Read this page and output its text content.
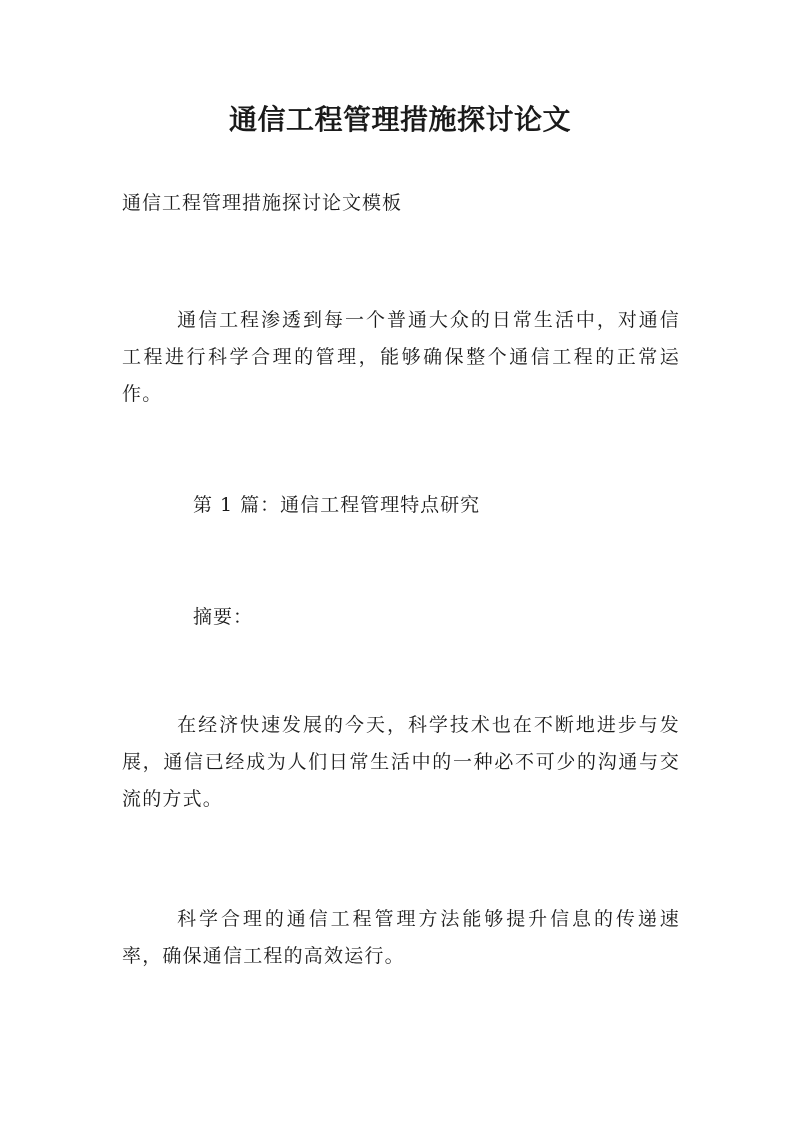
通信工程管理措施探讨论文
通信工程管理措施探讨论文模板

通信工程渗透到每一个普通大众的日常生活中，对通信工程进行科学合理的管理，能够确保整个通信工程的正常运作。

第 1 篇：通信工程管理特点研究
摘要：

在经济快速发展的今天，科学技术也在不断地进步与发展，通信已经成为人们日常生活中的一种必不可少的沟通与交流的方式。

科学合理的通信工程管理方法能够提升信息的传递速率，确保通信工程的高效运行。
